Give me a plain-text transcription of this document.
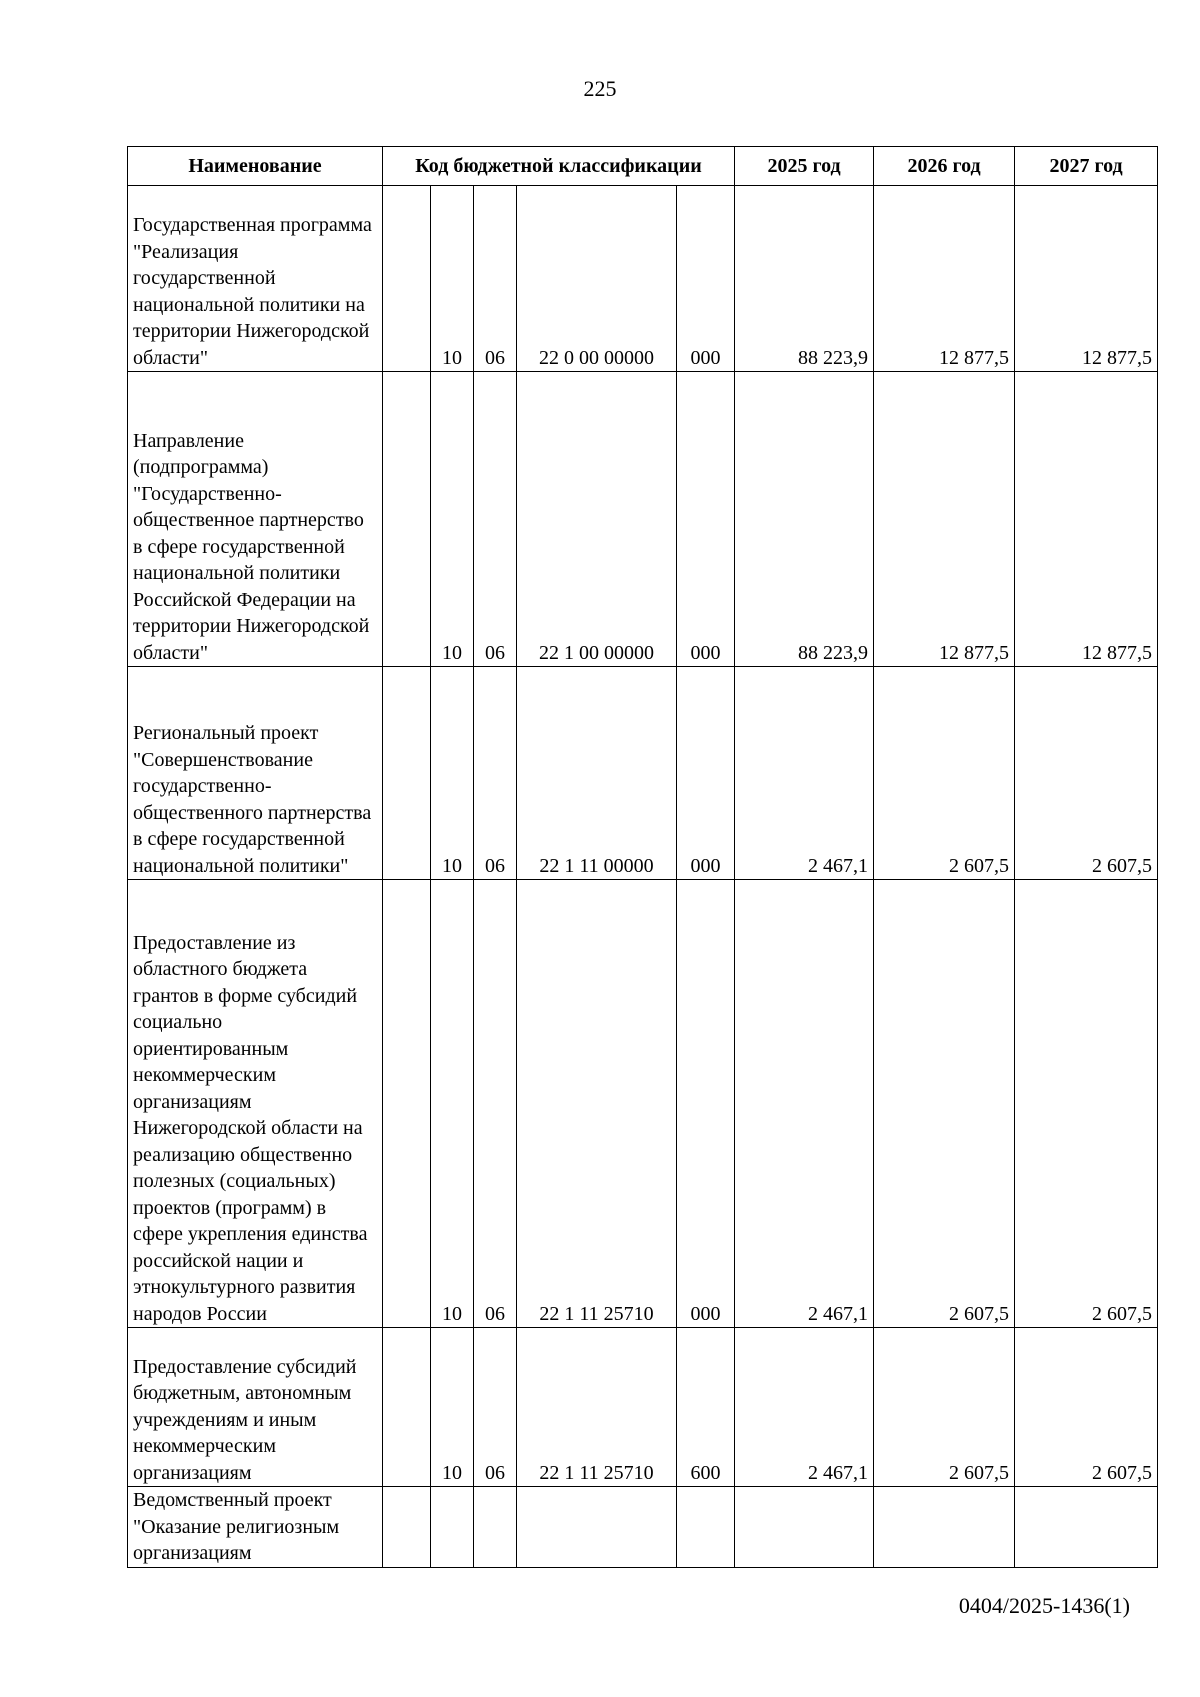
225
Наименование	Код бюджетной классификации					2025 год	2026 год	2027 год
Государственная программа "Реализация государственной национальной политики на территории Нижегородской области"		10	06	22 0 00 00000	000	88 223,9	12 877,5	12 877,5
Направление (подпрограмма) "Государственно-общественное партнерство в сфере государственной национальной политики Российской Федерации на территории Нижегородской области"		10	06	22 1 00 00000	000	88 223,9	12 877,5	12 877,5
Региональный проект "Совершенствование государственно-общественного партнерства в сфере государственной национальной политики"		10	06	22 1 11 00000	000	2 467,1	2 607,5	2 607,5
Предоставление из областного бюджета грантов в форме субсидий социально ориентированным некоммерческим организациям Нижегородской области на реализацию общественно полезных (социальных) проектов (программ) в сфере укрепления единства российской нации и этнокультурного развития народов России		10	06	22 1 11 25710	000	2 467,1	2 607,5	2 607,5
Предоставление субсидий бюджетным, автономным учреждениям и иным некоммерческим организациям		10	06	22 1 11 25710	600	2 467,1	2 607,5	2 607,5
Ведомственный проект "Оказание религиозным организациям								
0404/2025-1436(1)
